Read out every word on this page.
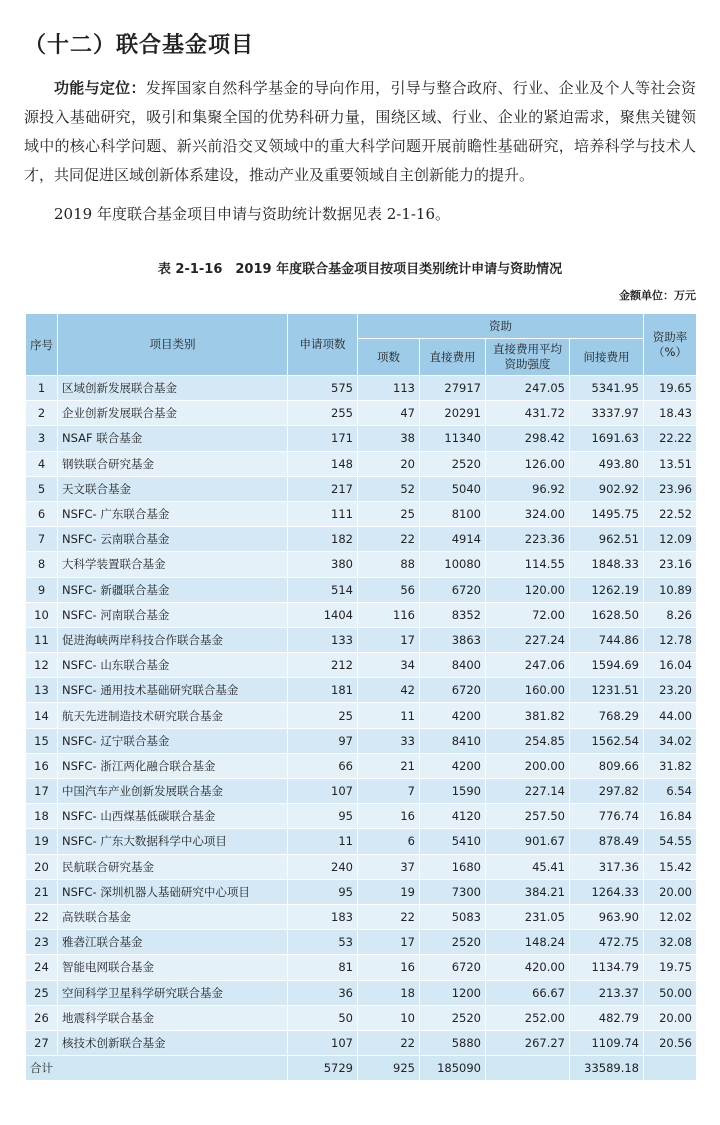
（十二）联合基金项目
功能与定位：发挥国家自然科学基金的导向作用，引导与整合政府、行业、企业及个人等社会资源投入基础研究，吸引和集聚全国的优势科研力量，围绕区域、行业、企业的紧迫需求，聚焦关键领域中的核心科学问题、新兴前沿交叉领域中的重大科学问题开展前瞻性基础研究，培养科学与技术人才，共同促进区域创新体系建设，推动产业及重要领域自主创新能力的提升。
2019 年度联合基金项目申请与资助统计数据见表 2-1-16。
表 2-1-16　2019 年度联合基金项目按项目类别统计申请与资助情况
金额单位：万元
序号	项目类别	申请项数	资助				资助率（%）
			项数	直接费用	直接费用平均资助强度	间接费用	
1	区域创新发展联合基金	575	113	27917	247.05	5341.95	19.65
2	企业创新发展联合基金	255	47	20291	431.72	3337.97	18.43
3	NSAF 联合基金	171	38	11340	298.42	1691.63	22.22
4	钢铁联合研究基金	148	20	2520	126.00	493.80	13.51
5	天文联合基金	217	52	5040	96.92	902.92	23.96
6	NSFC- 广东联合基金	111	25	8100	324.00	1495.75	22.52
7	NSFC- 云南联合基金	182	22	4914	223.36	962.51	12.09
8	大科学装置联合基金	380	88	10080	114.55	1848.33	23.16
9	NSFC- 新疆联合基金	514	56	6720	120.00	1262.19	10.89
10	NSFC- 河南联合基金	1404	116	8352	72.00	1628.50	8.26
11	促进海峡两岸科技合作联合基金	133	17	3863	227.24	744.86	12.78
12	NSFC- 山东联合基金	212	34	8400	247.06	1594.69	16.04
13	NSFC- 通用技术基础研究联合基金	181	42	6720	160.00	1231.51	23.20
14	航天先进制造技术研究联合基金	25	11	4200	381.82	768.29	44.00
15	NSFC- 辽宁联合基金	97	33	8410	254.85	1562.54	34.02
16	NSFC- 浙江两化融合联合基金	66	21	4200	200.00	809.66	31.82
17	中国汽车产业创新发展联合基金	107	7	1590	227.14	297.82	6.54
18	NSFC- 山西煤基低碳联合基金	95	16	4120	257.50	776.74	16.84
19	NSFC- 广东大数据科学中心项目	11	6	5410	901.67	878.49	54.55
20	民航联合研究基金	240	37	1680	45.41	317.36	15.42
21	NSFC- 深圳机器人基础研究中心项目	95	19	7300	384.21	1264.33	20.00
22	高铁联合基金	183	22	5083	231.05	963.90	12.02
23	雅砻江联合基金	53	17	2520	148.24	472.75	32.08
24	智能电网联合基金	81	16	6720	420.00	1134.79	19.75
25	空间科学卫星科学研究联合基金	36	18	1200	66.67	213.37	50.00
26	地震科学联合基金	50	10	2520	252.00	482.79	20.00
27	核技术创新联合基金	107	22	5880	267.27	1109.74	20.56
合计		5729	925	185090		33589.18	
